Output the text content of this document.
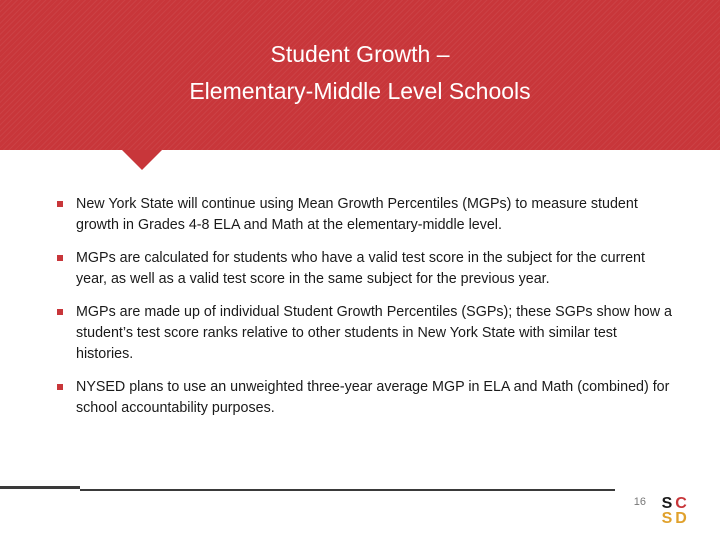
Student Growth –
Elementary-Middle Level Schools
New York State will continue using Mean Growth Percentiles (MGPs) to measure student growth in Grades 4-8 ELA and Math at the elementary-middle level.
MGPs are calculated for students who have a valid test score in the subject for the current year, as well as a valid test score in the same subject for the previous year.
MGPs are made up of individual Student Growth Percentiles (SGPs); these SGPs show how a student’s test score ranks relative to other students in New York State with similar test histories.
NYSED plans to use an unweighted three-year average MGP in ELA and Math (combined) for school accountability purposes.
16 S C
S D
